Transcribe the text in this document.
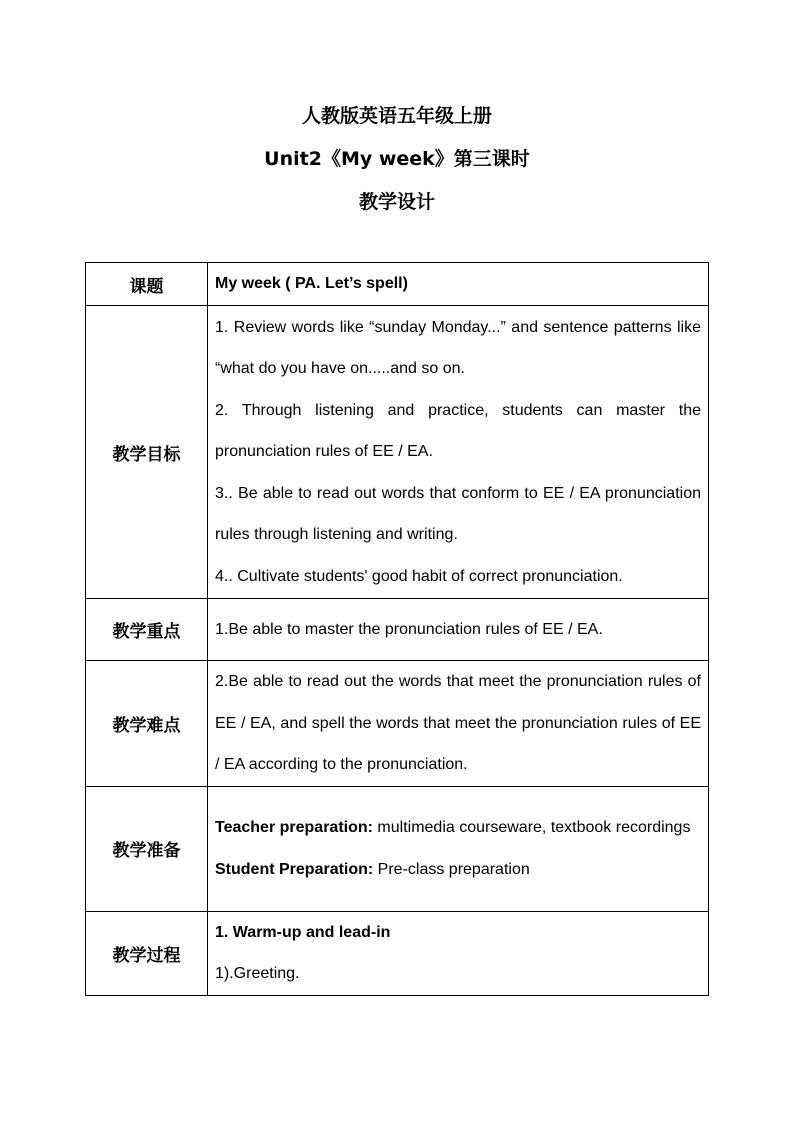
人教版英语五年级上册
Unit2《My week》第三课时
教学设计
课题	My week ( PA. Let’s spell)
教学目标	1. Review words like “sunday Monday...” and sentence patterns like “what do you have on.....and so on.

2. Through listening and practice, students can master the pronunciation rules of EE / EA.

3.. Be able to read out words that conform to EE / EA pronunciation rules through listening and writing.

4.. Cultivate students' good habit of correct pronunciation.

教学重点	1.Be able to master the pronunciation rules of EE / EA.

教学难点	2.Be able to read out the words that meet the pronunciation rules of EE / EA, and spell the words that meet the pronunciation rules of EE / EA according to the pronunciation.

教学准备	Teacher preparation: multimedia courseware, textbook recordings

Student Preparation: Pre-class preparation

教学过程	1. Warm-up and lead-in

1).Greeting.
